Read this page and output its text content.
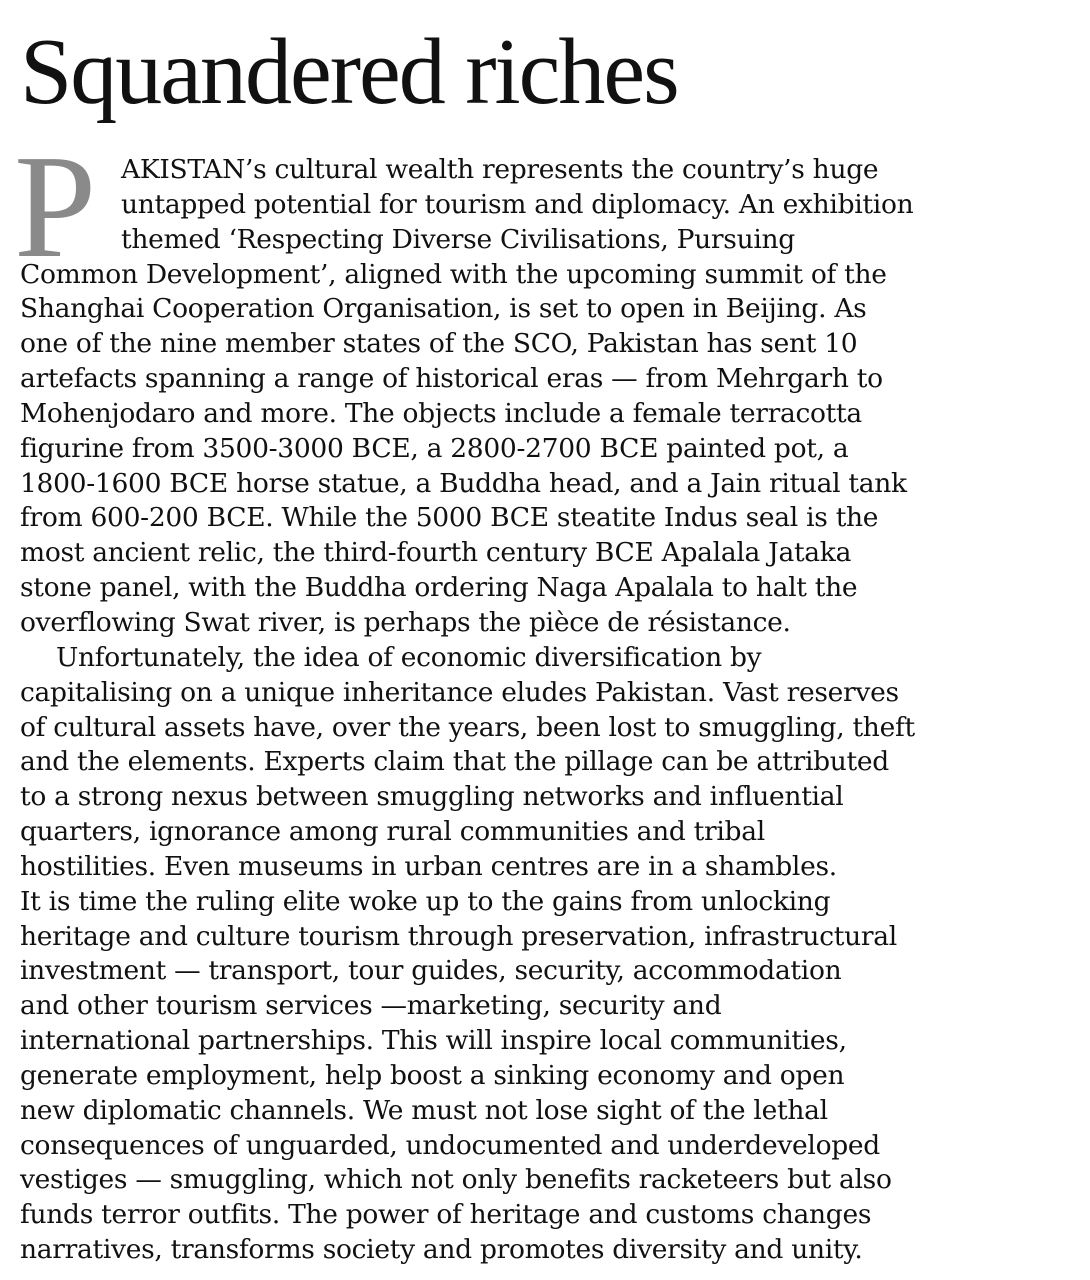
Squandered riches
P AKISTAN’s cultural wealth represents the country’s huge
untapped potential for tourism and diplomacy. An exhibition
themed ‘Respecting Diverse Civilisations, Pursuing
Common Development’, aligned with the upcoming summit of the
Shanghai Cooperation Organisation, is set to open in Beijing. As
one of the nine member states of the SCO, Pakistan has sent 10
artefacts spanning a range of historical eras — from Mehrgarh to
Mohenjodaro and more. The objects include a female terracotta
figurine from 3500-3000 BCE, a 2800-2700 BCE painted pot, a
1800-1600 BCE horse statue, a Buddha head, and a Jain ritual tank
from 600-200 BCE. While the 5000 BCE steatite Indus seal is the
most ancient relic, the third-fourth century BCE Apalala Jataka
stone panel, with the Buddha ordering Naga Apalala to halt the
overflowing Swat river, is perhaps the pièce de résistance.
Unfortunately, the idea of economic diversification by
capitalising on a unique inheritance eludes Pakistan. Vast reserves
of cultural assets have, over the years, been lost to smuggling, theft
and the elements. Experts claim that the pillage can be attributed
to a strong nexus between smuggling networks and influential
quarters, ignorance among rural communities and tribal
hostilities. Even museums in urban centres are in a shambles.
It is time the ruling elite woke up to the gains from unlocking
heritage and culture tourism through preservation, infrastructural
investment — transport, tour guides, security, accommodation
and other tourism services —marketing, security and
international partnerships. This will inspire local communities,
generate employment, help boost a sinking economy and open
new diplomatic channels. We must not lose sight of the lethal
consequences of unguarded, undocumented and underdeveloped
vestiges — smuggling, which not only benefits racketeers but also
funds terror outfits. The power of heritage and customs changes
narratives, transforms society and promotes diversity and unity.
